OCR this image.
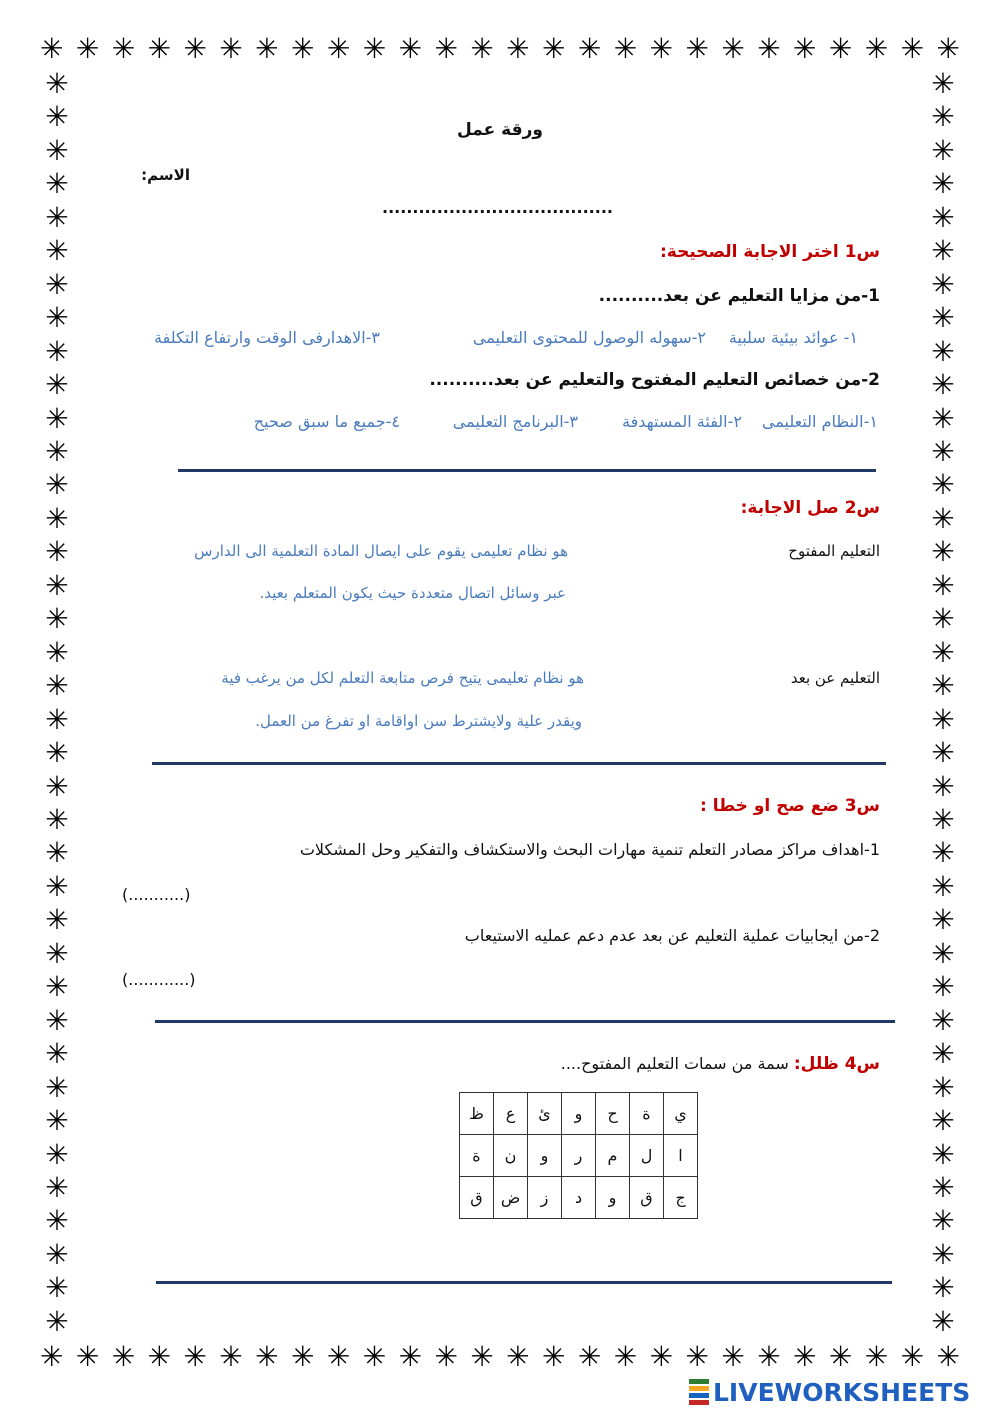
✳ ✳ ✳ ✳ ✳ ✳ ✳ ✳ ✳ ✳ ✳ ✳ ✳ ✳ ✳ ✳ ✳ ✳ ✳ ✳ ✳ ✳ ✳ ✳ ✳ ✳
✳ ✳ ✳ ✳ ✳ ✳ ✳ ✳ ✳ ✳ ✳ ✳ ✳ ✳ ✳ ✳ ✳ ✳ ✳ ✳ ✳ ✳ ✳ ✳ ✳ ✳
✳
✳
✳
✳
✳
✳
✳
✳
✳
✳
✳
✳
✳
✳
✳
✳
✳
✳
✳
✳
✳
✳
✳
✳
✳
✳
✳
✳
✳
✳
✳
✳
✳
✳
✳
✳
✳
✳
✳
✳
✳
✳
✳
✳
✳
✳
✳
✳
✳
✳
✳
✳
✳
✳
✳
✳
✳
✳
✳
✳
✳
✳
✳
✳
✳
✳
✳
✳
✳
✳
✳
✳
✳
✳
✳
✳
ورقة عمل
الاسم:
......................................
س1 اختر الاجابة الصحيحة:
1-من مزايا التعليم عن بعد..........
١- عوائد بيئية سلبية
٢-سهوله الوصول للمحتوى التعليمى
٣-الاهدارفى الوقت وارتفاع التكلفة
2-من خصائص التعليم المفتوح والتعليم عن بعد..........
١-النظام التعليمى
٢-الفئة المستهدفة
٣-البرنامج التعليمى
٤-جميع ما سبق صحيح
س2 صل الاجابة:
التعليم المفتوح
هو نظام تعليمى يقوم على ايصال المادة التعلمية الى الدارس
عبر وسائل اتصال متعددة حيث يكون المتعلم بعيد.
التعليم عن بعد
هو نظام تعليمى يتيح فرص متابعة التعلم لكل من يرغب فية
ويقدر علية ولايشترط سن اواقامة او تفرغ من العمل.
س3 ضع صح او خطا :
1-اهداف مراكز مصادر التعلم تنمية مهارات البحث والاستكشاف والتفكير وحل المشكلات
(...........)
2-من ايجابيات عملية التعليم عن بعد عدم دعم عمليه الاستيعاب
(............)
س4 ظلل: سمة من سمات التعليم المفتوح....
ي	ة	ح	و	ئ	ع	ظ
ا	ل	م	ر	و	ن	ة
ج	ق	و	د	ز	ض	ق
LIVEWORKSHEETS
